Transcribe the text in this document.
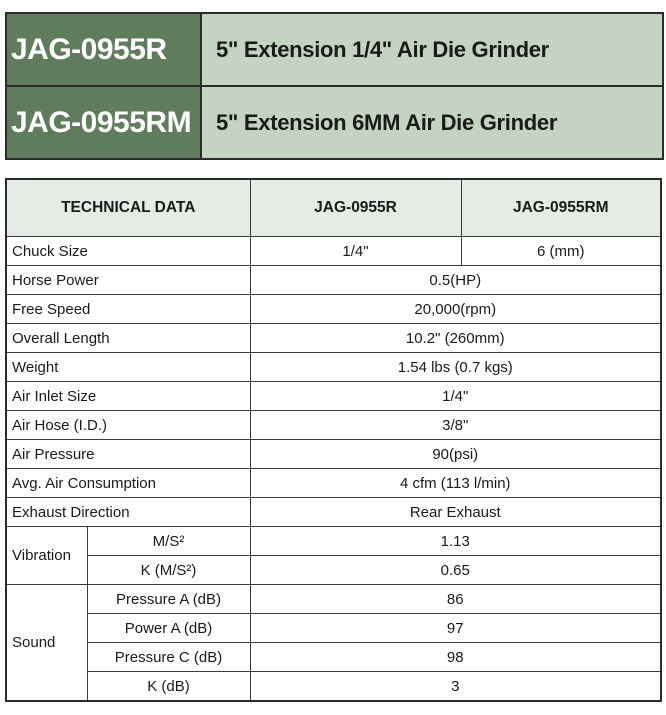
JAG-0955R	5" Extension 1/4" Air Die Grinder
JAG-0955RM	5" Extension 6MM Air Die Grinder
TECHNICAL DATA		JAG-0955R	JAG-0955RM
Chuck Size		1/4"	6 (mm)
Horse Power		0.5(HP)	
Free Speed		20,000(rpm)	
Overall Length		10.2" (260mm)	
Weight		1.54 lbs (0.7 kgs)	
Air Inlet Size		1/4"	
Air Hose (I.D.)		3/8"	
Air Pressure		90(psi)	
Avg. Air Consumption		4 cfm (113 l/min)	
Exhaust Direction		Rear Exhaust	
Vibration	M/S²	1.13	
	K (M/S²)	0.65	
Sound	Pressure A (dB)	86	
	Power A (dB)	97	
	Pressure C (dB)	98	
	K (dB)	3	
